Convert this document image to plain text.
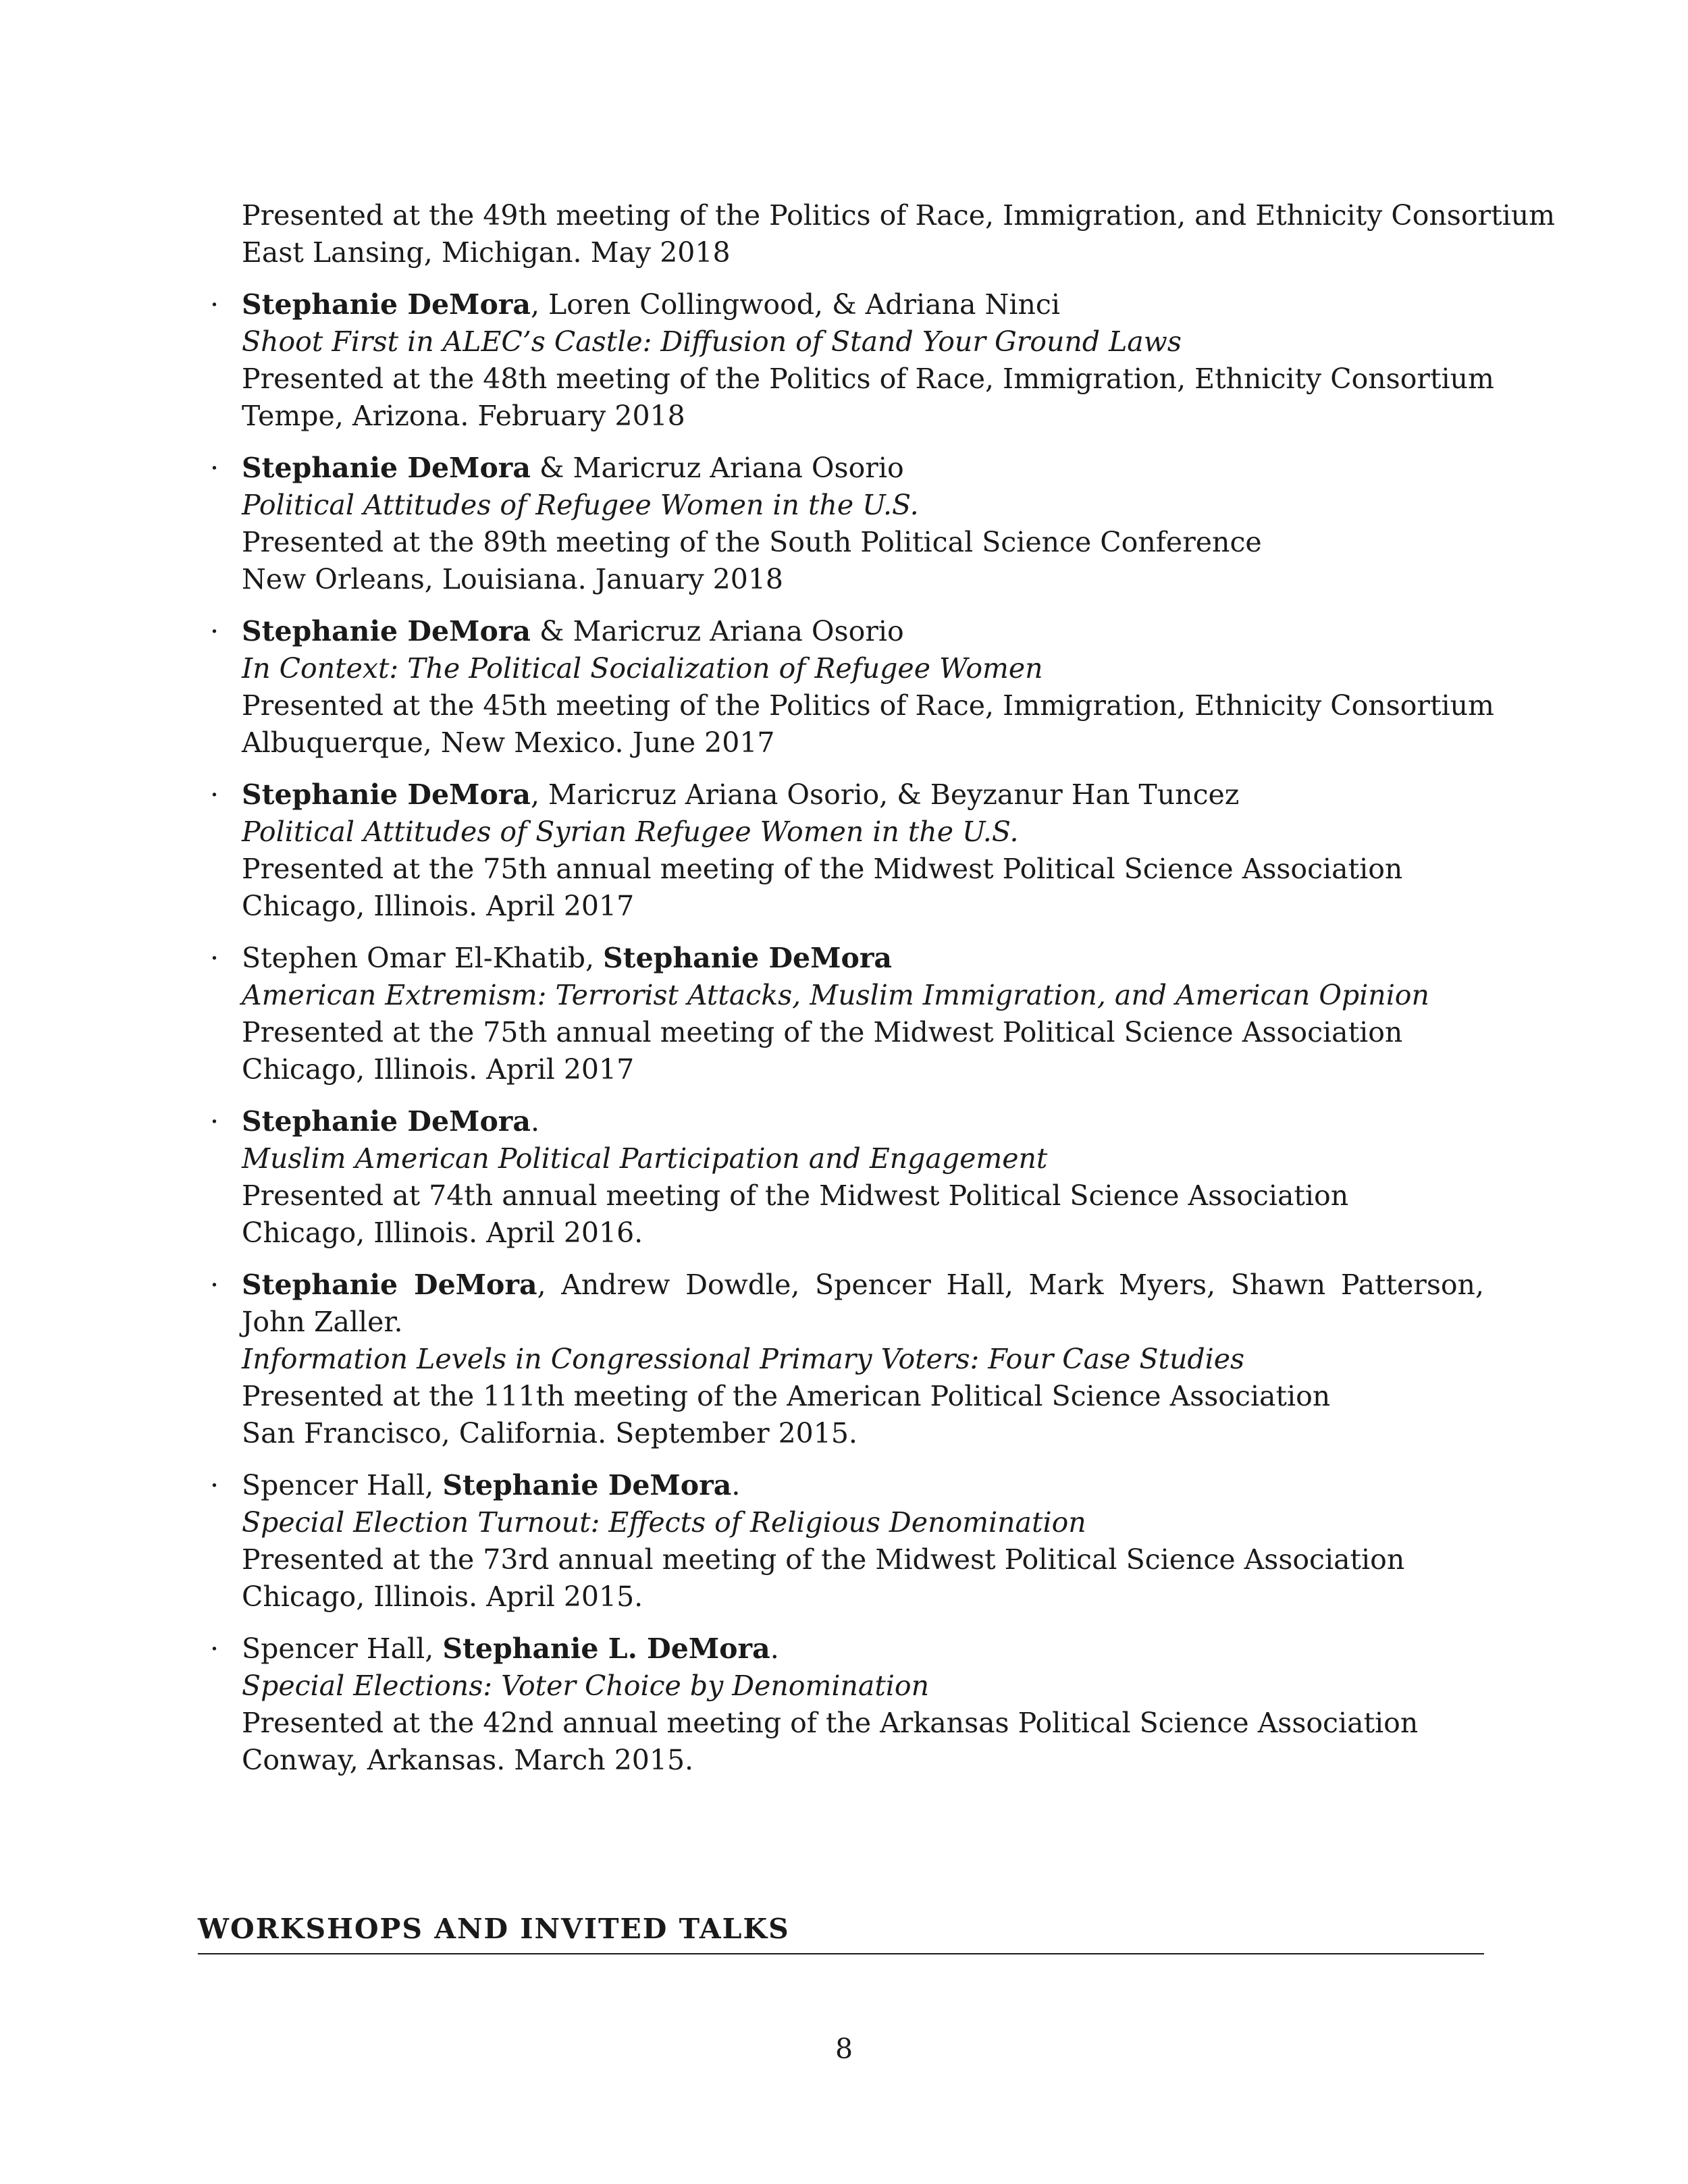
Presented at the 49th meeting of the Politics of Race, Immigration, and Ethnicity Consortium
East Lansing, Michigan. May 2018
· Stephanie DeMora, Loren Collingwood, & Adriana Ninci
Shoot First in ALEC’s Castle: Diffusion of Stand Your Ground Laws
Presented at the 48th meeting of the Politics of Race, Immigration, Ethnicity Consortium
Tempe, Arizona. February 2018
· Stephanie DeMora & Maricruz Ariana Osorio
Political Attitudes of Refugee Women in the U.S.
Presented at the 89th meeting of the South Political Science Conference
New Orleans, Louisiana. January 2018
· Stephanie DeMora & Maricruz Ariana Osorio
In Context: The Political Socialization of Refugee Women
Presented at the 45th meeting of the Politics of Race, Immigration, Ethnicity Consortium
Albuquerque, New Mexico. June 2017
· Stephanie DeMora, Maricruz Ariana Osorio, & Beyzanur Han Tuncez
Political Attitudes of Syrian Refugee Women in the U.S.
Presented at the 75th annual meeting of the Midwest Political Science Association
Chicago, Illinois. April 2017
· Stephen Omar El-Khatib, Stephanie DeMora
American Extremism: Terrorist Attacks, Muslim Immigration, and American Opinion
Presented at the 75th annual meeting of the Midwest Political Science Association
Chicago, Illinois. April 2017
· Stephanie DeMora.
Muslim American Political Participation and Engagement
Presented at 74th annual meeting of the Midwest Political Science Association
Chicago, Illinois. April 2016.
· Stephanie DeMora, Andrew Dowdle, Spencer Hall, Mark Myers, Shawn Patterson, John Zaller.
Information Levels in Congressional Primary Voters: Four Case Studies
Presented at the 111th meeting of the American Political Science Association
San Francisco, California. September 2015.
· Spencer Hall, Stephanie DeMora.
Special Election Turnout: Effects of Religious Denomination
Presented at the 73rd annual meeting of the Midwest Political Science Association
Chicago, Illinois. April 2015.
· Spencer Hall, Stephanie L. DeMora.
Special Elections: Voter Choice by Denomination
Presented at the 42nd annual meeting of the Arkansas Political Science Association
Conway, Arkansas. March 2015.
WORKSHOPS AND INVITED TALKS
8
